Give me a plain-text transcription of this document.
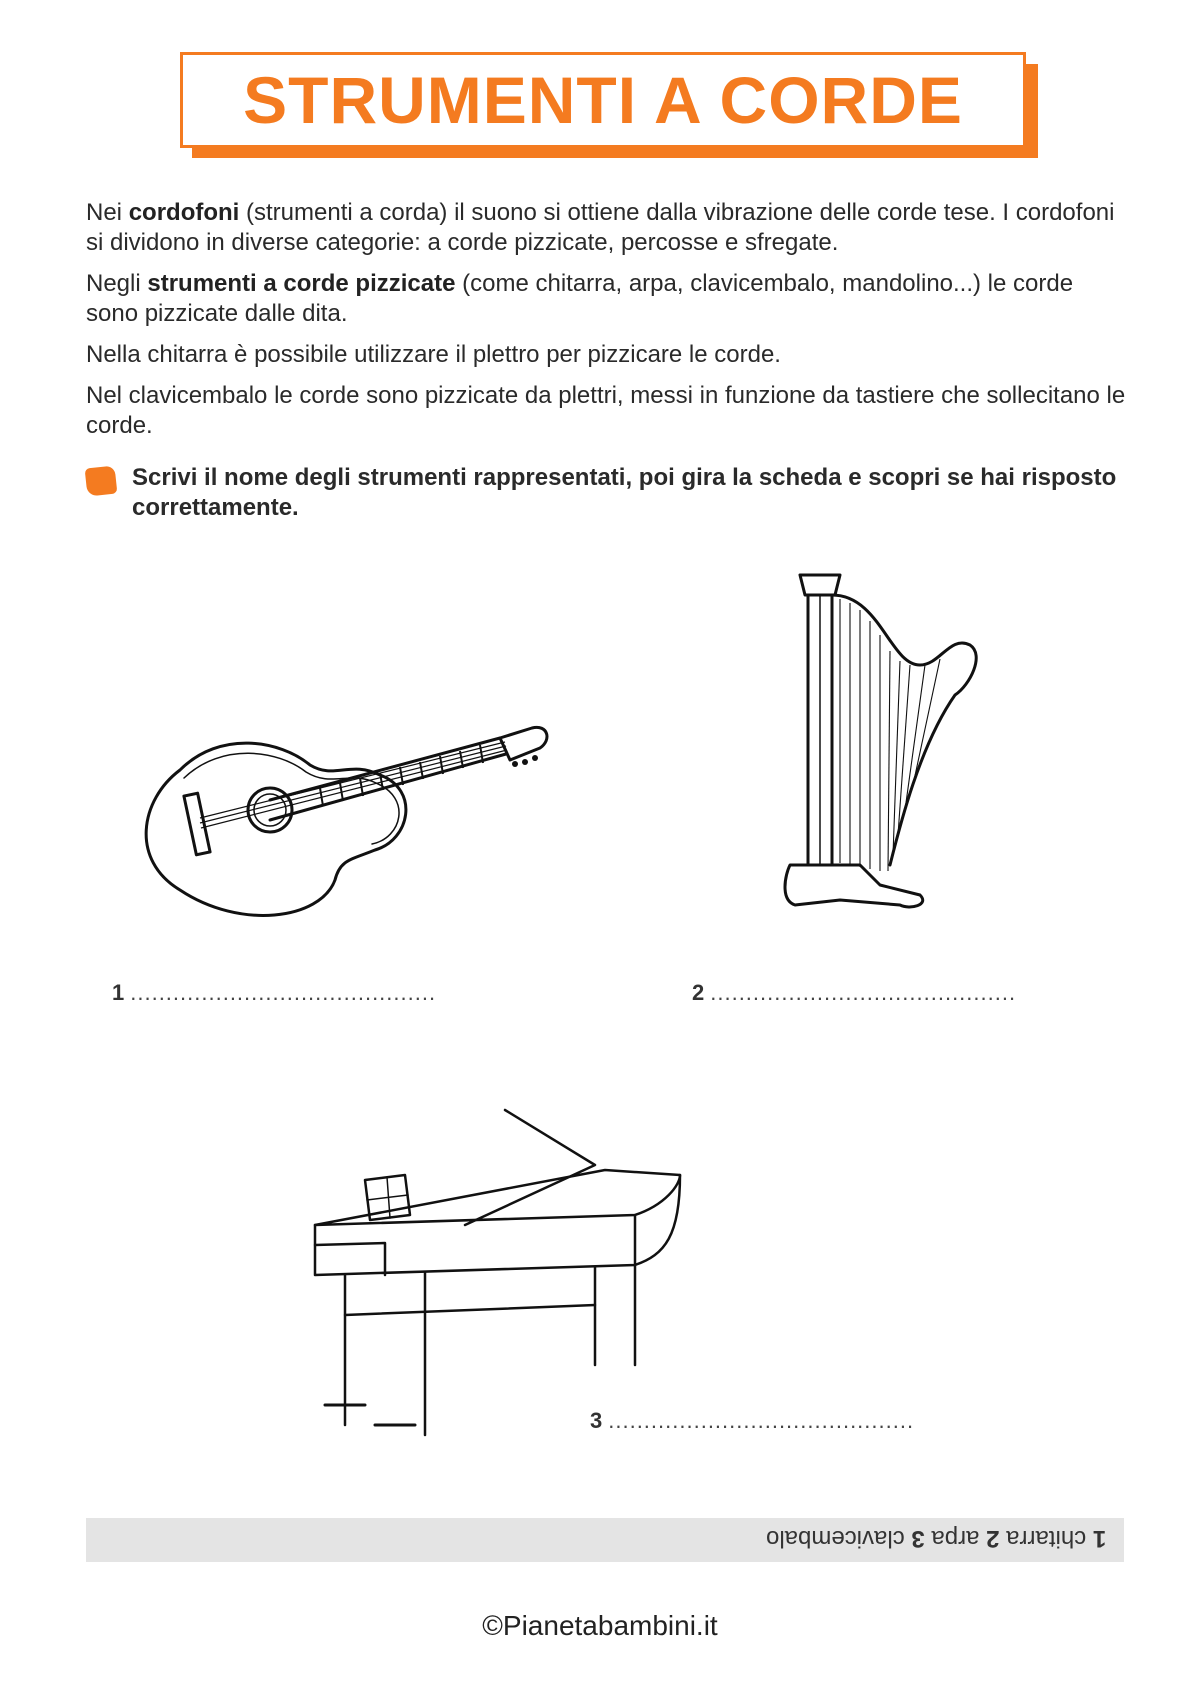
STRUMENTI A CORDE

Nei cordofoni (strumenti a corda) il suono si ottiene dalla vibrazione delle corde tese. I cordofoni si dividono in diverse categorie: a corde pizzicate, percosse e sfregate.

Negli strumenti a corde pizzicate (come chitarra, arpa, clavicembalo, mandolino...) le corde sono pizzicate dalle dita.

Nella chitarra è possibile utilizzare il plettro per pizzicare le corde.

Nel clavicembalo le corde sono pizzicate da plettri, messi in funzione da tastiere che sollecitano le corde.

Scrivi il nome degli strumenti rappresentati, poi gira la scheda e scopri se hai risposto correttamente.
1 ...........................................	2 ...........................................
3 ...........................................
1 chitarra 2 arpa 3 clavicembalo
©Pianetabambini.it
